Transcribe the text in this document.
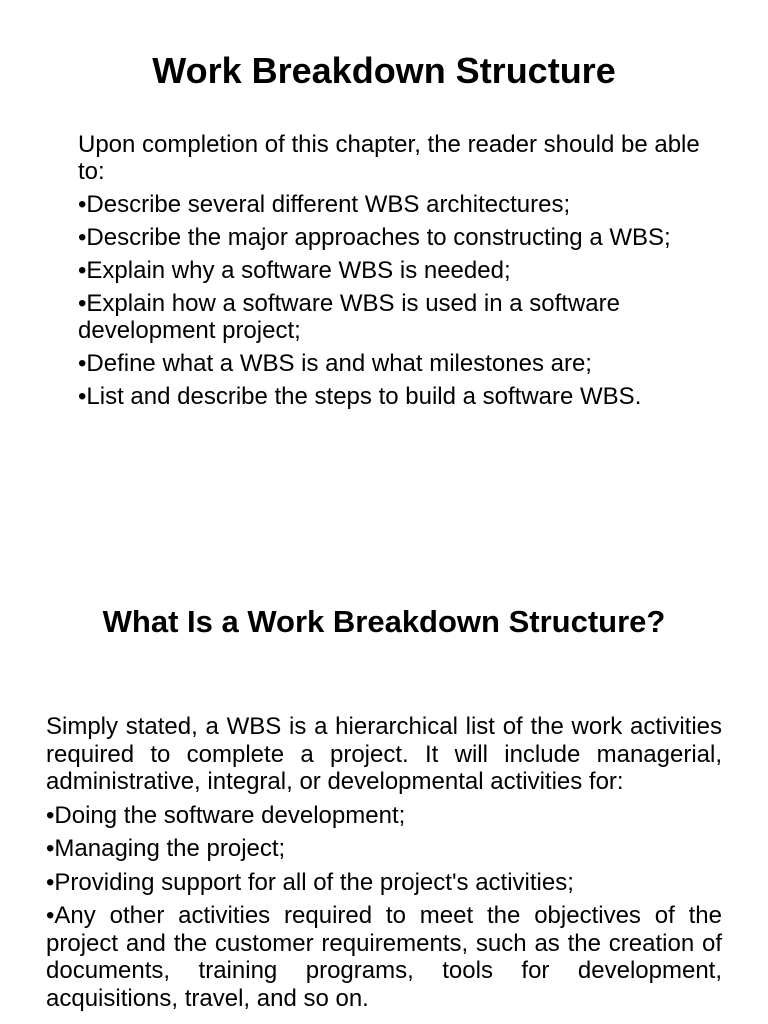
Work Breakdown Structure

Upon completion of this chapter, the reader should be able to:

•Describe several different WBS architectures;

•Describe the major approaches to constructing a WBS;

•Explain why a software WBS is needed;

•Explain how a software WBS is used in a software development project;

•Define what a WBS is and what milestones are;

•List and describe the steps to build a software WBS.

What Is a Work Breakdown Structure?

Simply stated, a WBS is a hierarchical list of the work activities required to complete a project. It will include managerial, administrative, integral, or developmental activities for:

•Doing the software development;

•Managing the project;

•Providing support for all of the project's activities;

•Any other activities required to meet the objectives of the project and the customer requirements, such as the creation of documents, training programs, tools for development, acquisitions, travel, and so on.
